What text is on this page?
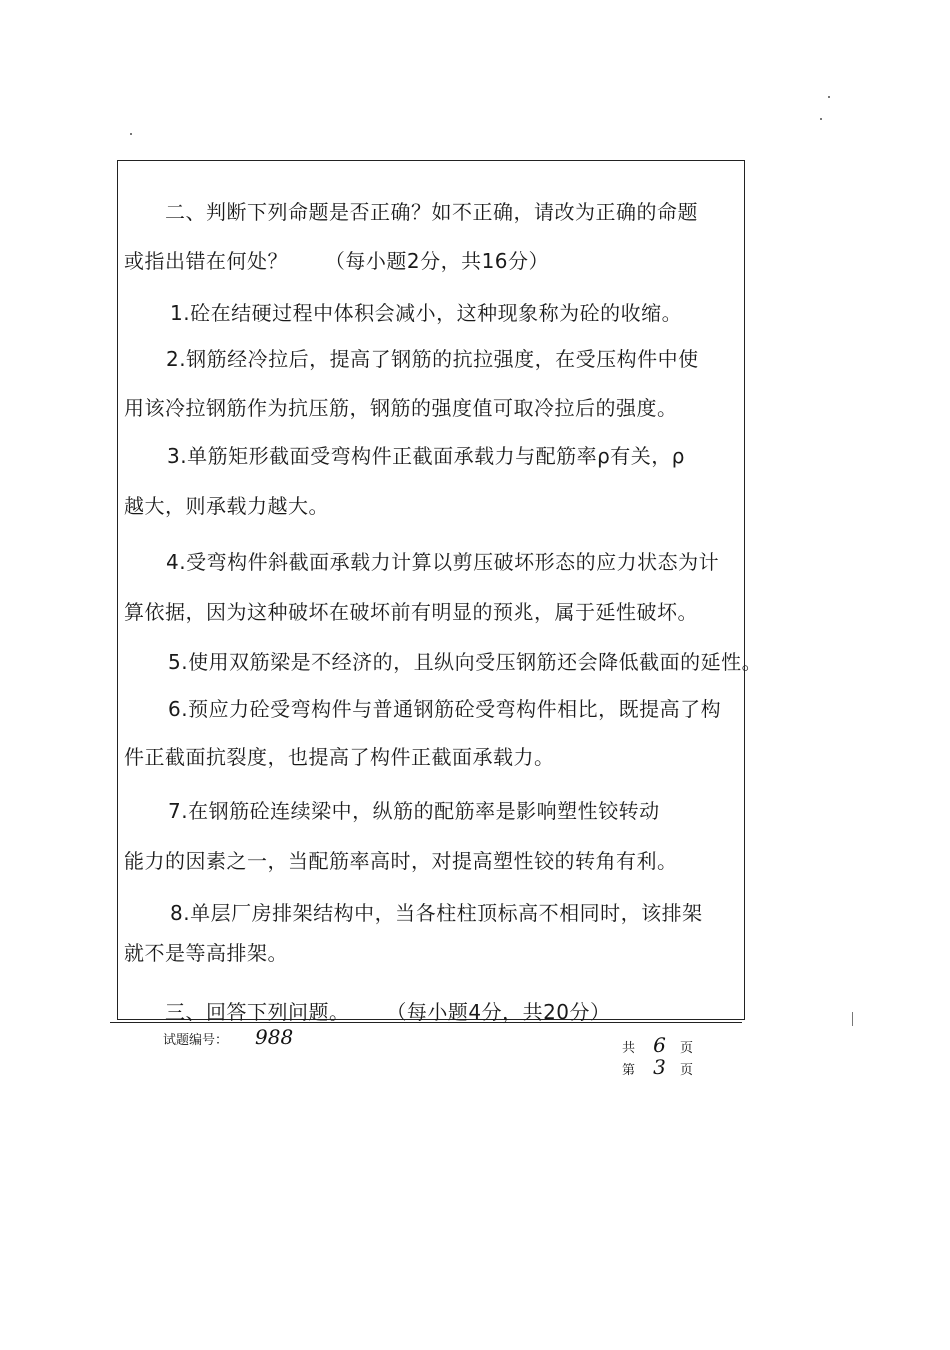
二、判断下列命题是否正确？如不正确，请改为正确的命题
或指出错在何处？ （每小题2分，共16分）
1.砼在结硬过程中体积会减小，这种现象称为砼的收缩。
2.钢筋经冷拉后，提高了钢筋的抗拉强度，在受压构件中使
用该冷拉钢筋作为抗压筋，钢筋的强度值可取冷拉后的强度。
3.单筋矩形截面受弯构件正截面承载力与配筋率ρ有关，ρ
越大，则承载力越大。
4.受弯构件斜截面承载力计算以剪压破坏形态的应力状态为计
算依据，因为这种破坏在破坏前有明显的预兆，属于延性破坏。
5.使用双筋梁是不经济的，且纵向受压钢筋还会降低截面的延性。
6.预应力砼受弯构件与普通钢筋砼受弯构件相比，既提高了构
件正截面抗裂度，也提高了构件正截面承载力。
7.在钢筋砼连续梁中，纵筋的配筋率是影响塑性铰转动
能力的因素之一，当配筋率高时，对提高塑性铰的转角有利。
8.单层厂房排架结构中，当各柱柱顶标高不相同时，该排架
就不是等高排架。
三、回答下列问题。 （每小题4分，共20分）
试题编号： 988	共 6 页
第 3 页
